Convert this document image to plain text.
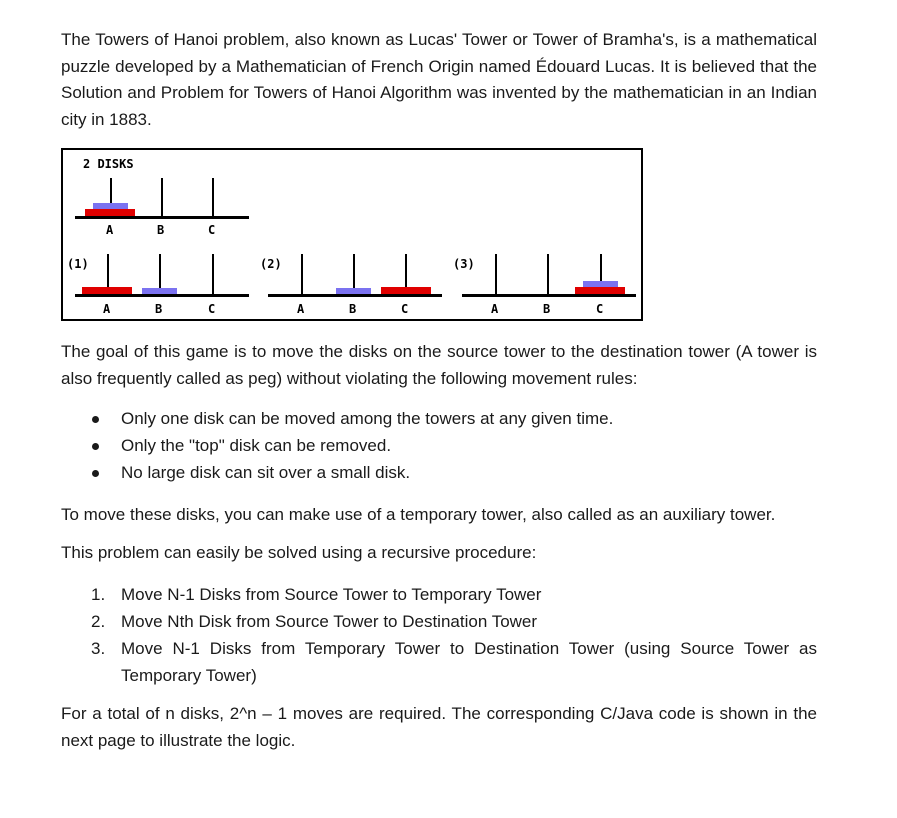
The Towers of Hanoi problem, also known as Lucas' Tower or Tower of Bramha's, is a mathematical puzzle developed by a Mathematician of French Origin named Édouard Lucas. It is believed that the Solution and Problem for Towers of Hanoi Algorithm was invented by the mathematician in an Indian city in 1883.

2 DISKS
A	B	C
(1)
A	B	C
(2)
A	B	C
(3)
A	B	C

The goal of this game is to move the disks on the source tower to the destination tower (A tower is also frequently called as peg) without violating the following movement rules:

Only one disk can be moved among the towers at any given time.
Only the "top" disk can be removed.
No large disk can sit over a small disk.

To move these disks, you can make use of a temporary tower, also called as an auxiliary tower.

This problem can easily be solved using a recursive procedure:

1. Move N-1 Disks from Source Tower to Temporary Tower
2. Move Nth Disk from Source Tower to Destination Tower
3. Move N-1 Disks from Temporary Tower to Destination Tower (using Source Tower as Temporary Tower)

For a total of n disks, 2^n – 1 moves are required. The corresponding C/Java code is shown in the next page to illustrate the logic.
